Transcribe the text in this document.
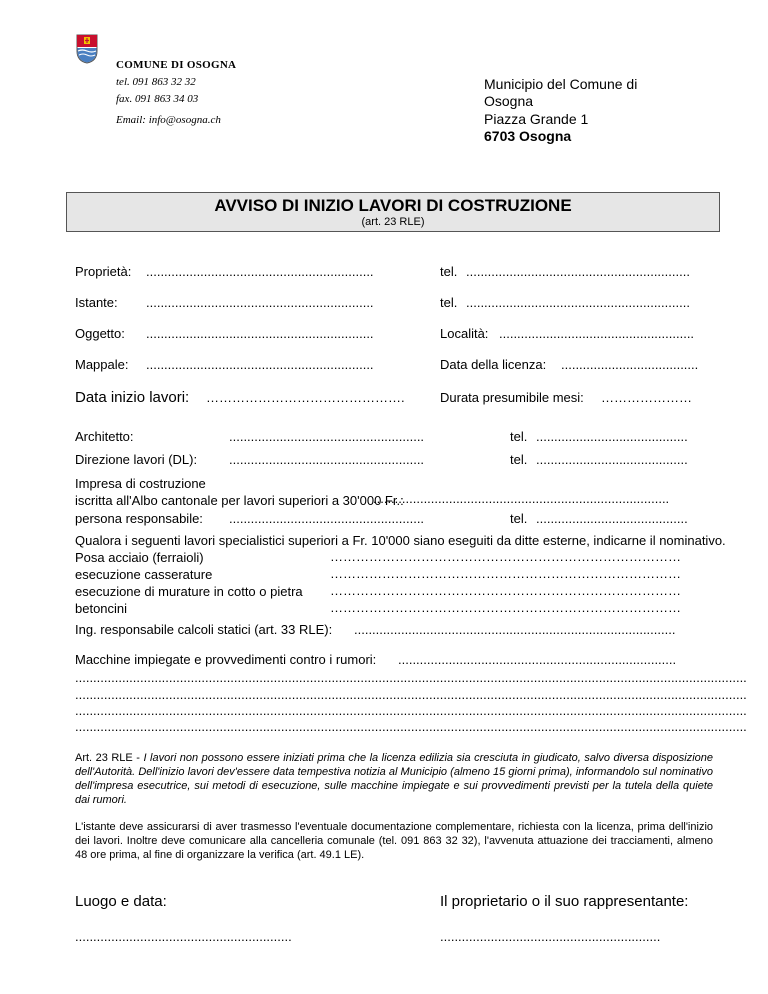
COMUNE DI OSOGNA
tel. 091 863 32 32
fax. 091 863 34 03
Email: info@osogna.ch
Municipio del Comune di
Osogna
Piazza Grande 1
6703 Osogna
AVVISO DI INIZIO LAVORI DI COSTRUZIONE
(art. 23 RLE)
Proprietà: ...............................................................	tel. ..............................................................
Istante: ...............................................................	tel. ..............................................................
Oggetto: ...............................................................	Località: ......................................................
Mappale: ...............................................................	Data della licenza: ......................................
Data inizio lavori: ……………………………………….	Durata presumibile mesi: …………………
Architetto:	......................................................	tel. ..........................................
Direzione lavori (DL): ......................................................	tel. ..........................................
Impresa di costruzione
iscritta all'Albo cantonale per lavori superiori a 30'000 Fr.:
..................................................................................
persona responsabile: ......................................................	tel. ..........................................
Qualora i seguenti lavori specialistici superiori a Fr. 10'000 siano eseguiti da ditte esterne, indicarne il nominativo.
Posa acciaio (ferraioli)	………………………………………………………………………
esecuzione casserature	………………………………………………………………………
esecuzione di murature in cotto o pietra ………………………………………………………………………
betoncini	………………………………………………………………………
Ing. responsabile calcoli statici (art. 33 RLE): .........................................................................................
Macchine impiegate e provvedimenti contro i rumori: .............................................................................
..........................................................................................................................................................................................
..........................................................................................................................................................................................
..........................................................................................................................................................................................
..........................................................................................................................................................................................
Art. 23 RLE - I lavori non possono essere iniziati prima che la licenza edilizia sia cresciuta in giudicato, salvo diversa disposizione dell'Autorità. Dell'inizio lavori dev'essere data tempestiva notizia al Municipio (almeno 15 giorni prima), informandolo sul nominativo dell'impresa esecutrice, sui metodi di esecuzione, sulle macchine impiegate e sui provvedimenti previsti per la tutela della quiete dai rumori.
L'istante deve assicurarsi di aver trasmesso l'eventuale documentazione complementare, richiesta con la licenza, prima dell'inizio dei lavori. Inoltre deve comunicare alla cancelleria comunale (tel. 091 863 32 32), l'avvenuta attuazione dei tracciamenti, almeno 48 ore prima, al fine di organizzare la verifica (art. 49.1 LE).
Luogo e data:	Il proprietario o il suo rappresentante:
............................................................	.............................................................
